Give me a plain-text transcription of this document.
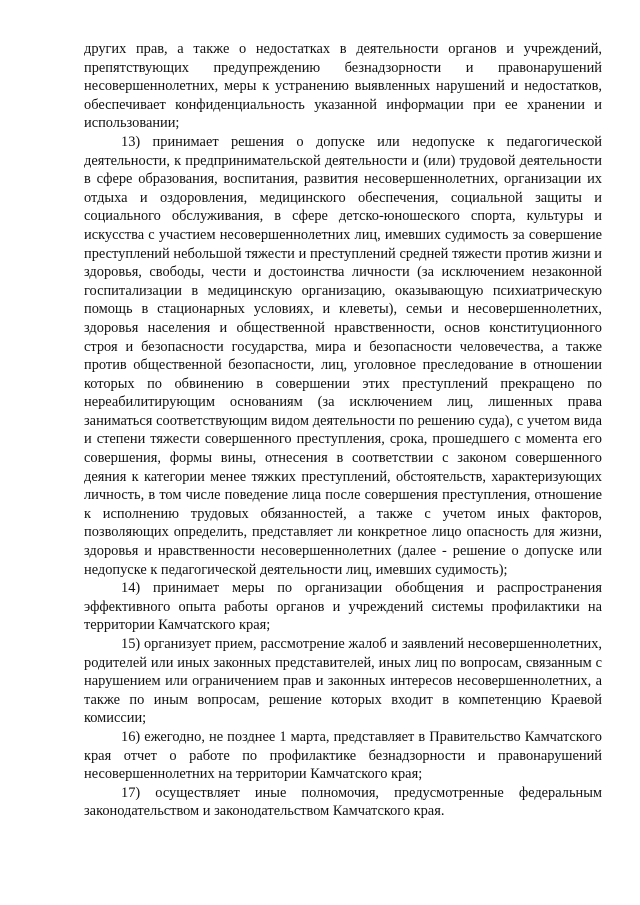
других прав, а также о недостатках в деятельности органов и учреждений, препятствующих предупреждению безнадзорности и правонарушений несовершеннолетних, меры к устранению выявленных нарушений и недостатков, обеспечивает конфиденциальность указанной информации при ее хранении и использовании;

13) принимает решения о допуске или недопуске к педагогической деятельности, к предпринимательской деятельности и (или) трудовой деятельности в сфере образования, воспитания, развития несовершеннолетних, организации их отдыха и оздоровления, медицинского обеспечения, социальной защиты и социального обслуживания, в сфере детско-юношеского спорта, культуры и искусства с участием несовершеннолетних лиц, имевших судимость за совершение преступлений небольшой тяжести и преступлений средней тяжести против жизни и здоровья, свободы, чести и достоинства личности (за исключением незаконной госпитализации в медицинскую организацию, оказывающую психиатрическую помощь в стационарных условиях, и клеветы), семьи и несовершеннолетних, здоровья населения и общественной нравственности, основ конституционного строя и безопасности государства, мира и безопасности человечества, а также против общественной безопасности, лиц, уголовное преследование в отношении которых по обвинению в совершении этих преступлений прекращено по нереабилитирующим основаниям (за исключением лиц, лишенных права заниматься соответствующим видом деятельности по решению суда), с учетом вида и степени тяжести совершенного преступления, срока, прошедшего с момента его совершения, формы вины, отнесения в соответствии с законом совершенного деяния к категории менее тяжких преступлений, обстоятельств, характеризующих личность, в том числе поведение лица после совершения преступления, отношение к исполнению трудовых обязанностей, а также с учетом иных факторов, позволяющих определить, представляет ли конкретное лицо опасность для жизни, здоровья и нравственности несовершеннолетних (далее - решение о допуске или недопуске к педагогической деятельности лиц, имевших судимость);

14) принимает меры по организации обобщения и распространения эффективного опыта работы органов и учреждений системы профилактики на территории Камчатского края;

15) организует прием, рассмотрение жалоб и заявлений несовершеннолетних, родителей или иных законных представителей, иных лиц по вопросам, связанным с нарушением или ограничением прав и законных интересов несовершеннолетних, а также по иным вопросам, решение которых входит в компетенцию Краевой комиссии;

16) ежегодно, не позднее 1 марта, представляет в Правительство Камчатского края отчет о работе по профилактике безнадзорности и правонарушений несовершеннолетних на территории Камчатского края;

17) осуществляет иные полномочия, предусмотренные федеральным законодательством и законодательством Камчатского края.
